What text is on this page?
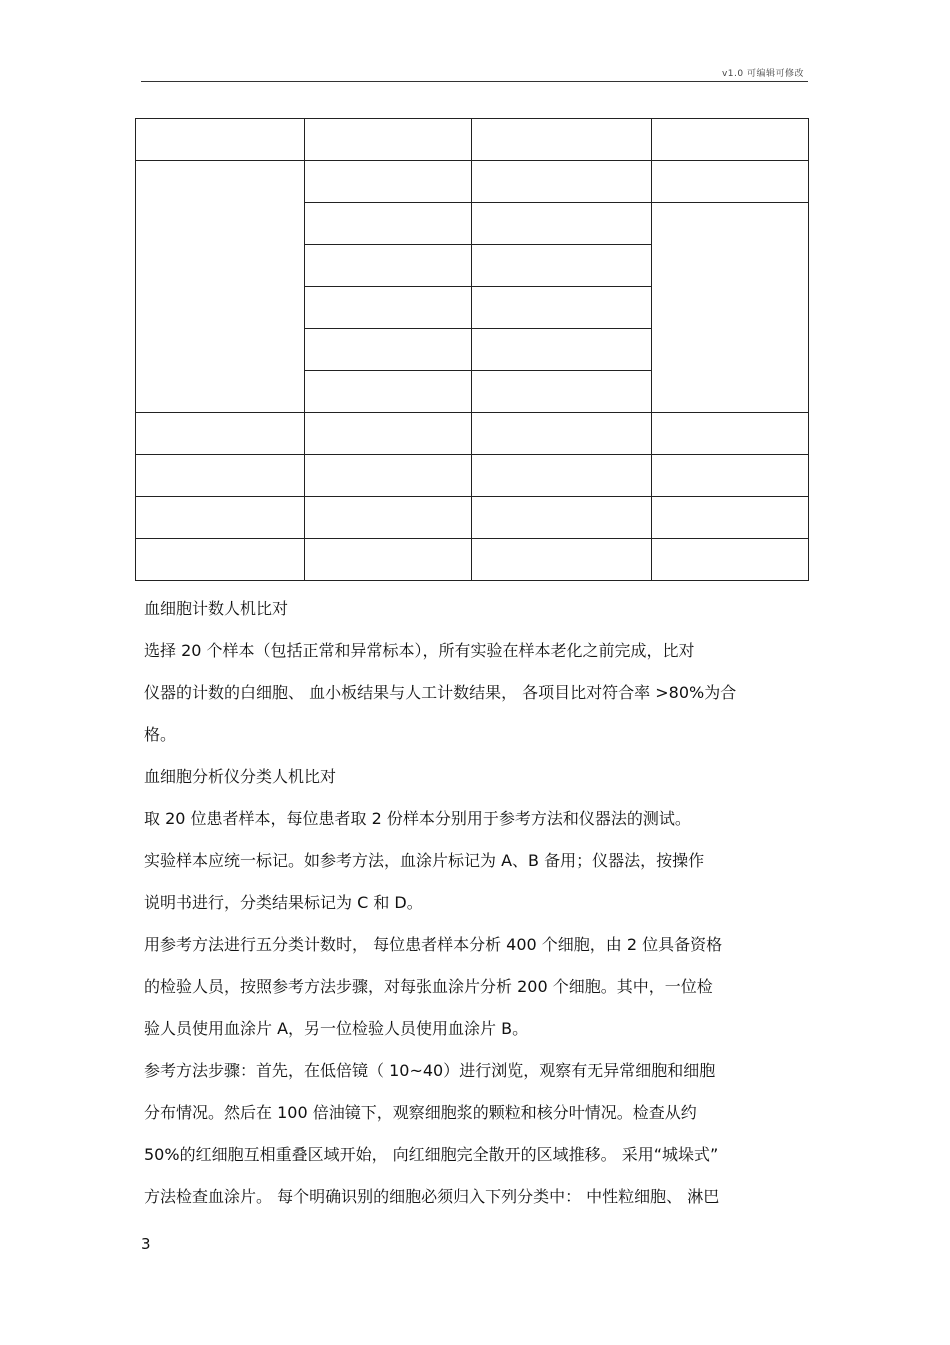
v1.0 可编辑可修改

血细胞计数人机比对

选择 20 个样本（包括正常和异常标本），所有实验在样本老化之前完成，比对

仪器的计数的白细胞、 血小板结果与人工计数结果， 各项目比对符合率 >80%为合

格。

血细胞分析仪分类人机比对

取 20 位患者样本，每位患者取 2 份样本分别用于参考方法和仪器法的测试。

实验样本应统一标记。如参考方法，血涂片标记为 A、B 备用；仪器法，按操作

说明书进行，分类结果标记为 C 和 D。

用参考方法进行五分类计数时， 每位患者样本分析 400 个细胞，由 2 位具备资格

的检验人员，按照参考方法步骤，对每张血涂片分析 200 个细胞。其中，一位检

验人员使用血涂片 A，另一位检验人员使用血涂片 B。

参考方法步骤：首先，在低倍镜（ 10~40）进行浏览，观察有无异常细胞和细胞

分布情况。然后在 100 倍油镜下，观察细胞浆的颗粒和核分叶情况。检查从约

50%的红细胞互相重叠区域开始， 向红细胞完全散开的区域推移。 采用“城垛式”

方法检查血涂片。 每个明确识别的细胞必须归入下列分类中： 中性粒细胞、 淋巴

3
